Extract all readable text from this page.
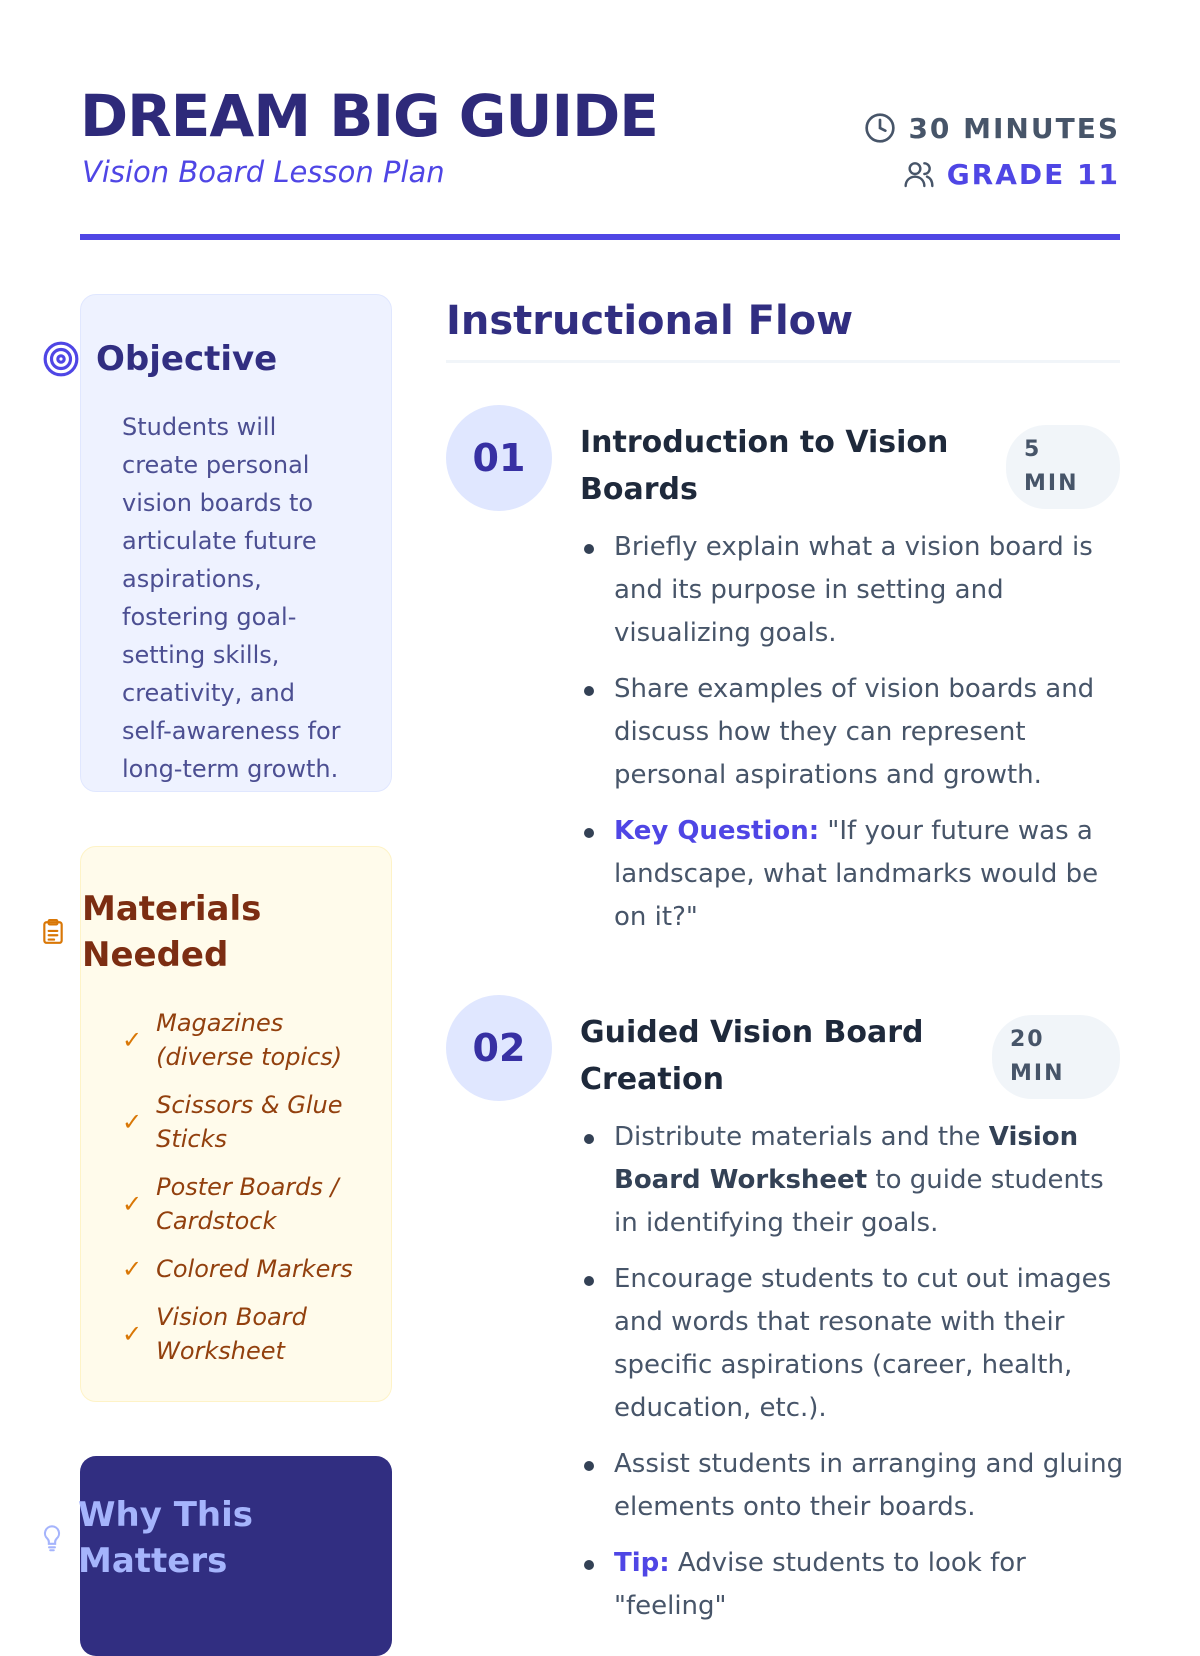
DREAM BIG GUIDE
Vision Board Lesson Plan
30 MINUTES
GRADE 11
Objective

Students will create personal vision boards to articulate future aspirations, fostering goal-setting skills, creativity, and self-awareness for long-term growth.

Materials Needed
✓
Magazines (diverse topics)
✓
Scissors & Glue Sticks
✓
Poster Boards / Cardstock
✓ Colored Markers
✓
Vision Board Worksheet
Why This Matters
Instructional Flow
01	Introduction to Vision Boards
5 MIN
Briefly explain what a vision board is and its purpose in setting and visualizing goals.
Share examples of vision boards and discuss how they can represent personal aspirations and growth.
Key Question: "If your future was a landscape, what landmarks would be on it?"
02	Guided Vision Board Creation
20 MIN
Distribute materials and the Vision Board Worksheet to guide students in identifying their goals.
Encourage students to cut out images and words that resonate with their specific aspirations (career, health, education, etc.).
Assist students in arranging and gluing elements onto their boards.
Tip: Advise students to look for "feeling"
